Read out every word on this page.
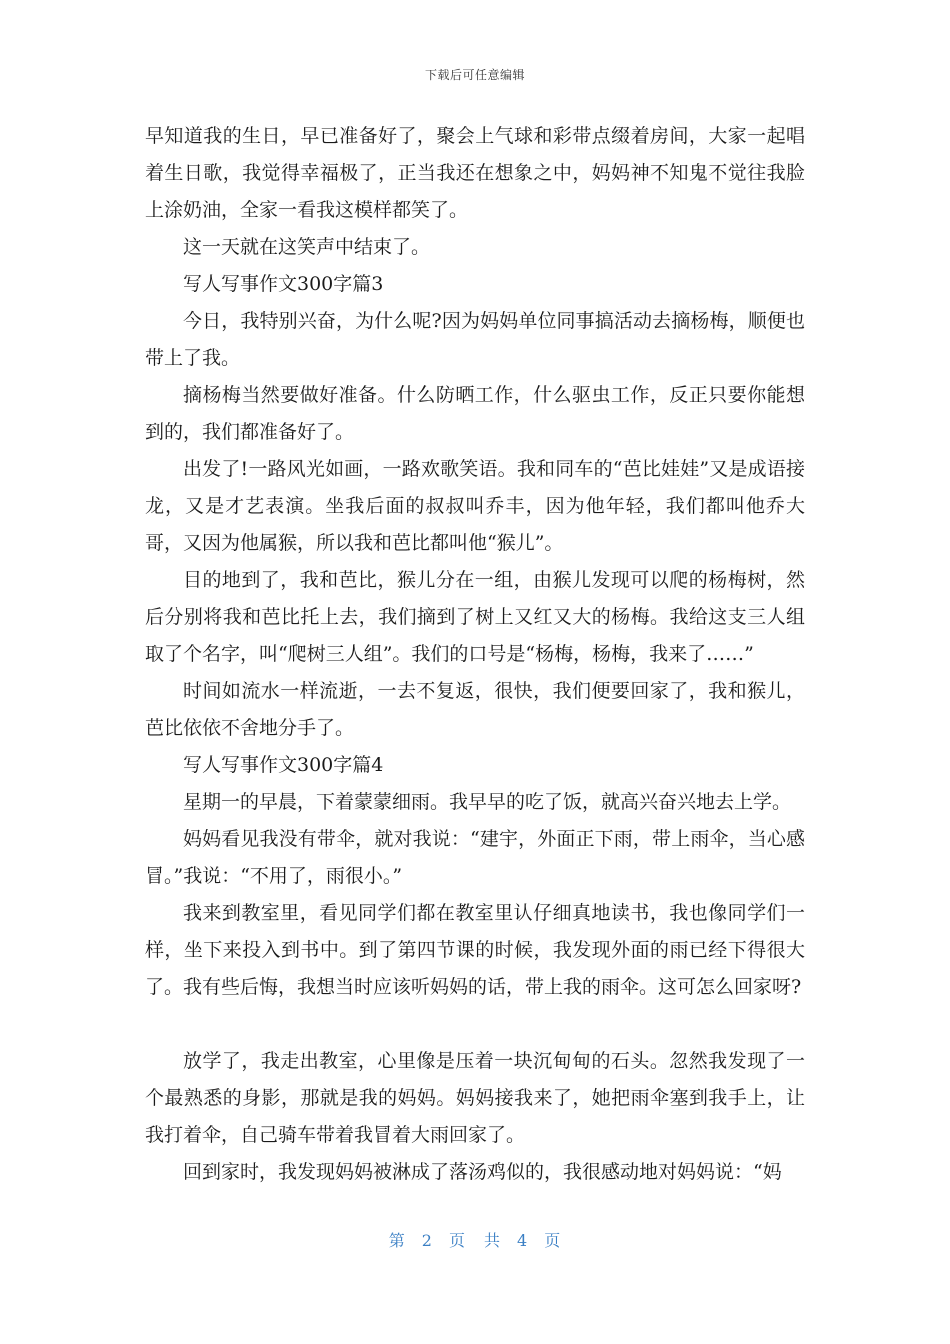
下载后可任意编辑

早知道我的生日，早已准备好了，聚会上气球和彩带点缀着房间，大家一起唱着生日歌，我觉得幸福极了，正当我还在想象之中，妈妈神不知鬼不觉往我脸上涂奶油，全家一看我这模样都笑了。

这一天就在这笑声中结束了。

写人写事作文300字篇3

今日，我特别兴奋，为什么呢?因为妈妈单位同事搞活动去摘杨梅，顺便也带上了我。

摘杨梅当然要做好准备。什么防晒工作，什么驱虫工作，反正只要你能想到的，我们都准备好了。

出发了!一路风光如画，一路欢歌笑语。我和同车的“芭比娃娃”又是成语接龙，又是才艺表演。坐我后面的叔叔叫乔丰，因为他年轻，我们都叫他乔大哥，又因为他属猴，所以我和芭比都叫他“猴儿”。

目的地到了，我和芭比，猴儿分在一组，由猴儿发现可以爬的杨梅树，然后分别将我和芭比托上去，我们摘到了树上又红又大的杨梅。我给这支三人组取了个名字，叫“爬树三人组”。我们的口号是“杨梅，杨梅，我来了……”

时间如流水一样流逝，一去不复返，很快，我们便要回家了，我和猴儿，芭比依依不舍地分手了。

写人写事作文300字篇4

星期一的早晨，下着蒙蒙细雨。我早早的吃了饭，就高兴奋兴地去上学。

妈妈看见我没有带伞，就对我说：“建宇，外面正下雨，带上雨伞，当心感冒。”我说：“不用了，雨很小。”

我来到教室里，看见同学们都在教室里认仔细真地读书，我也像同学们一样，坐下来投入到书中。到了第四节课的时候，我发现外面的雨已经下得很大了。我有些后悔，我想当时应该听妈妈的话，带上我的雨伞。这可怎么回家呀?

放学了，我走出教室，心里像是压着一块沉甸甸的石头。忽然我发现了一个最熟悉的身影，那就是我的妈妈。妈妈接我来了，她把雨伞塞到我手上，让我打着伞，自己骑车带着我冒着大雨回家了。

回到家时，我发现妈妈被淋成了落汤鸡似的，我很感动地对妈妈说：“妈

第 2 页 共 4 页
